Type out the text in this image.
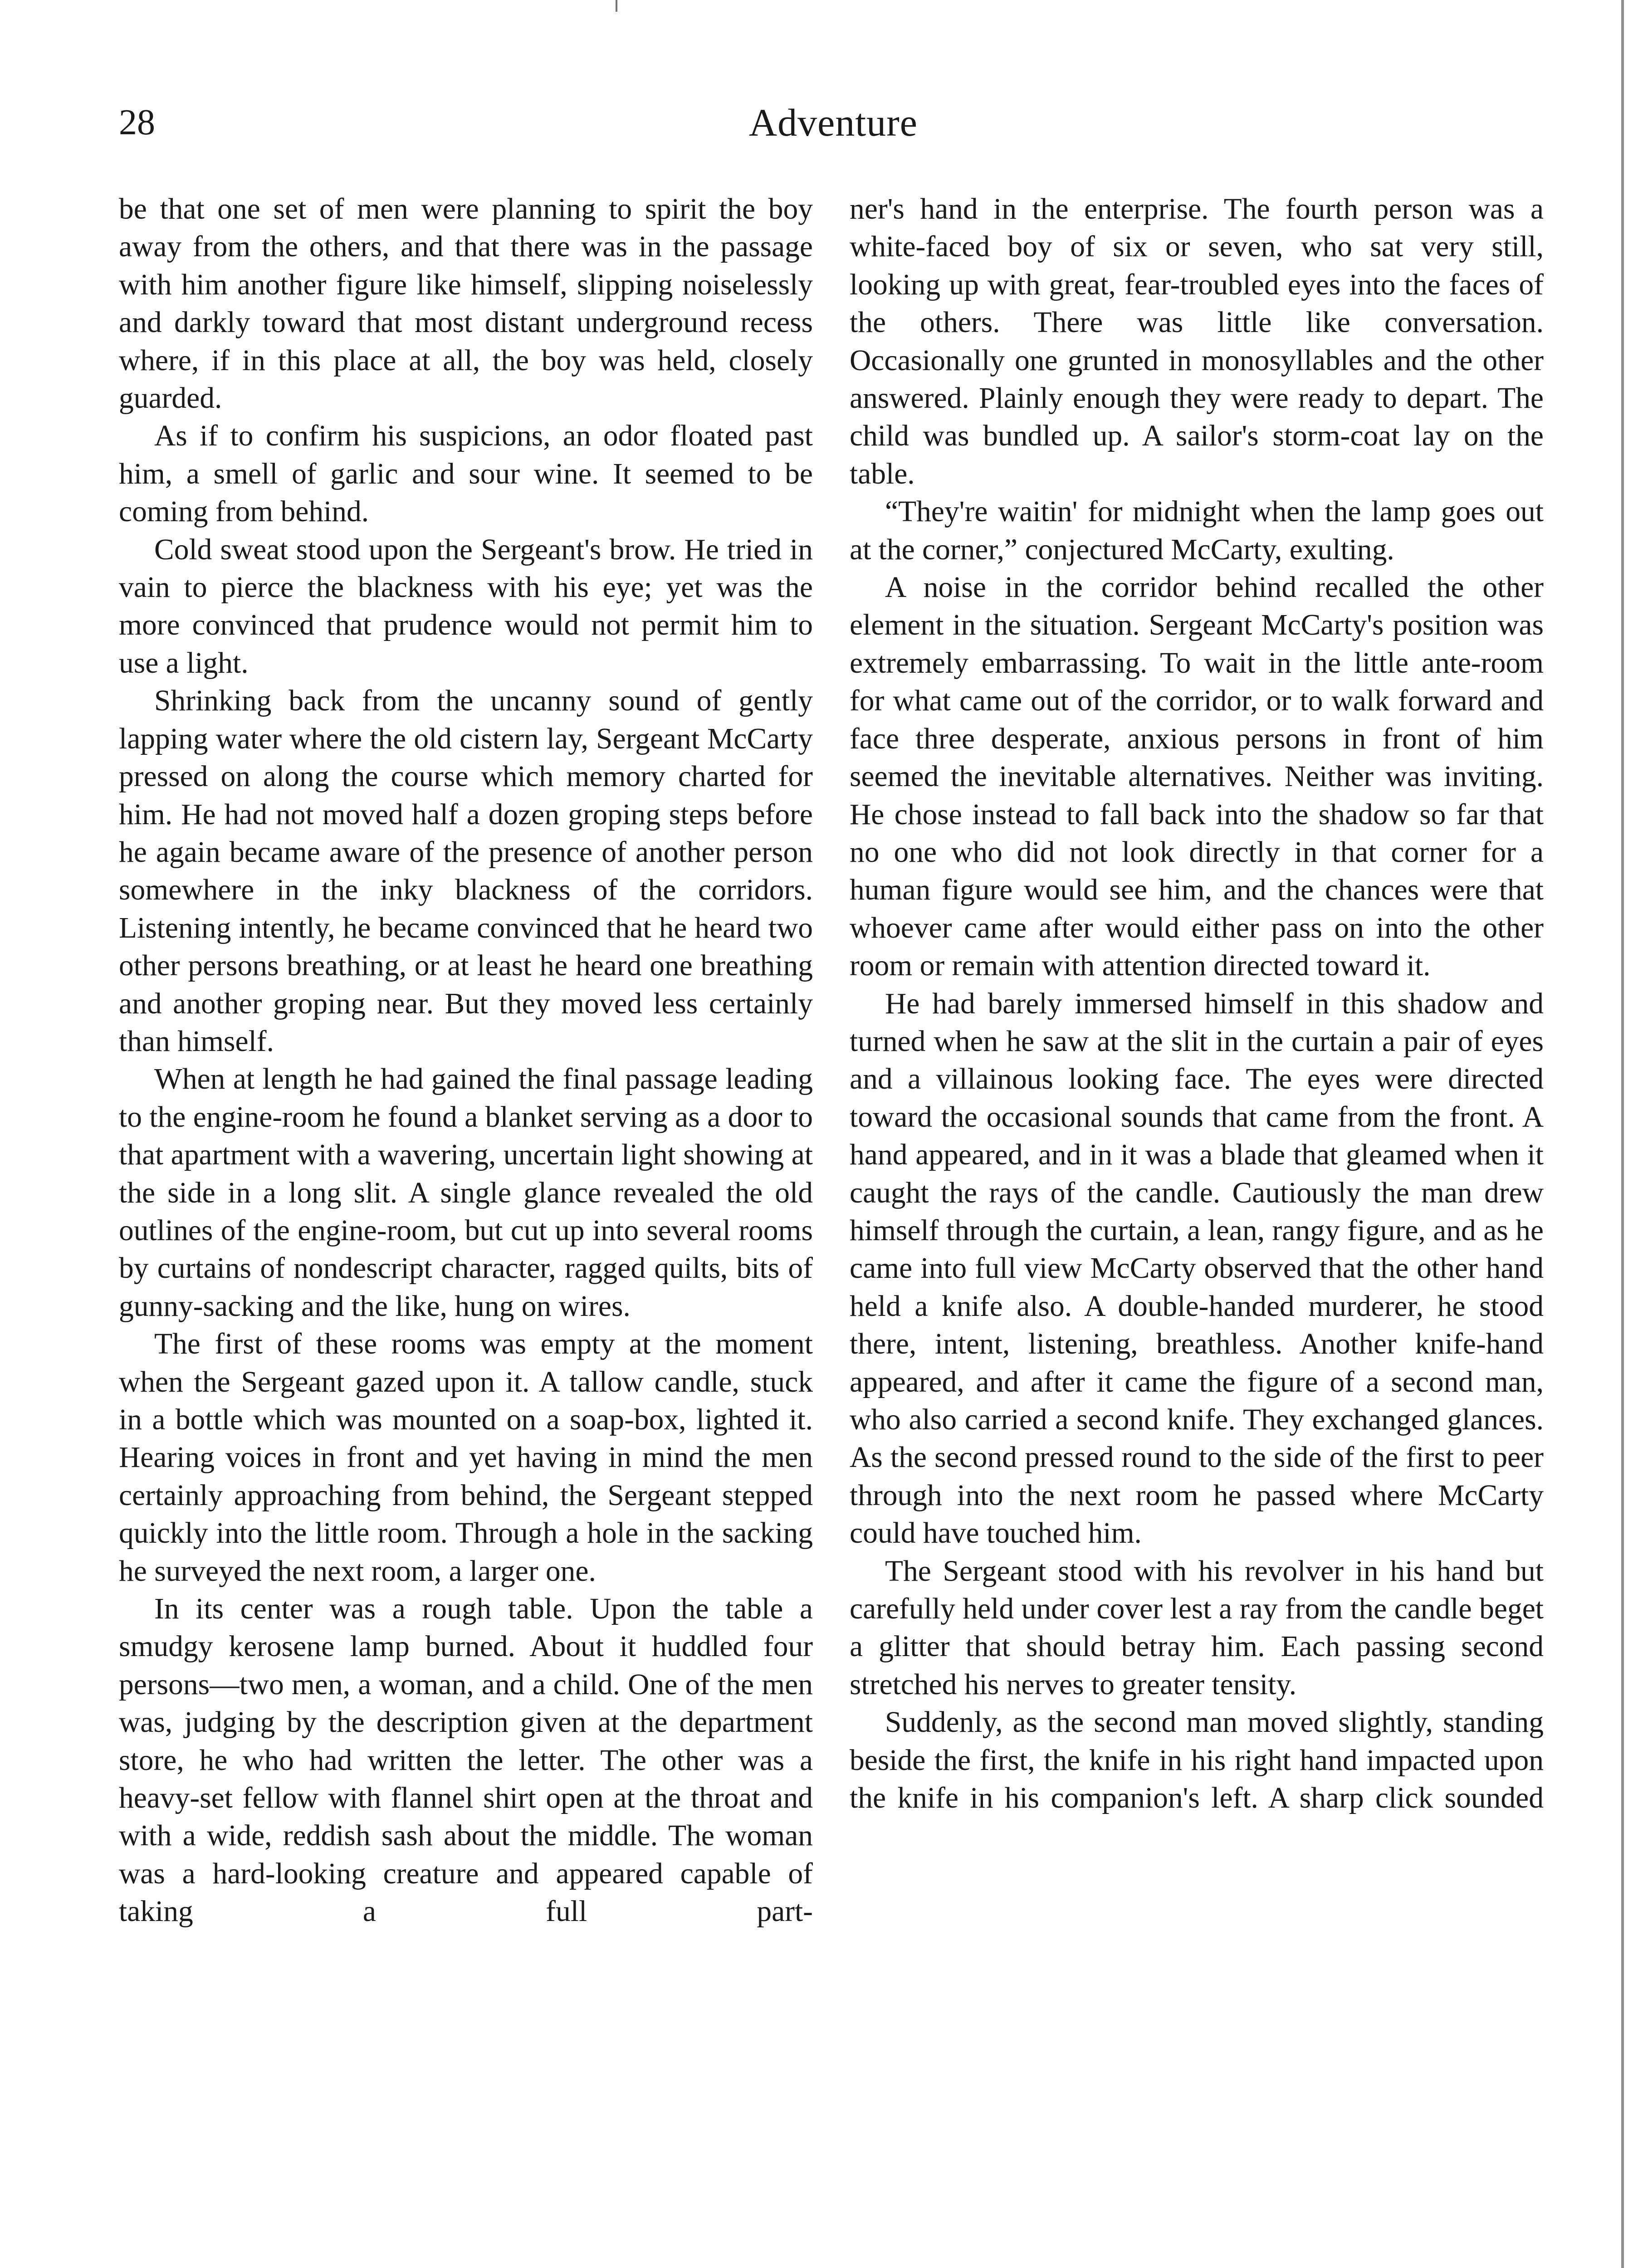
28	Adventure

be that one set of men were planning to spirit the boy away from the others, and that there was in the passage with him another figure like himself, slipping noiselessly and darkly toward that most distant underground recess where, if in this place at all, the boy was held, closely guarded.

As if to confirm his suspicions, an odor floated past him, a smell of garlic and sour wine. It seemed to be coming from behind.

Cold sweat stood upon the Sergeant's brow. He tried in vain to pierce the blackness with his eye; yet was the more convinced that prudence would not permit him to use a light.

Shrinking back from the uncanny sound of gently lapping water where the old cistern lay, Sergeant McCarty pressed on along the course which memory charted for him. He had not moved half a dozen groping steps before he again became aware of the presence of another person somewhere in the inky blackness of the corridors. Listening intently, he became convinced that he heard two other persons breathing, or at least he heard one breathing and another groping near. But they moved less certainly than himself.

When at length he had gained the final passage leading to the engine-room he found a blanket serving as a door to that apartment with a wavering, uncertain light showing at the side in a long slit. A single glance revealed the old outlines of the engine-room, but cut up into several rooms by curtains of nondescript character, ragged quilts, bits of gunny-sacking and the like, hung on wires.

The first of these rooms was empty at the moment when the Sergeant gazed upon it. A tallow candle, stuck in a bottle which was mounted on a soap-box, lighted it. Hearing voices in front and yet having in mind the men certainly approaching from behind, the Sergeant stepped quickly into the little room. Through a hole in the sacking he surveyed the next room, a larger one.

In its center was a rough table. Upon the table a smudgy kerosene lamp burned. About it huddled four persons—two men, a woman, and a child. One of the men was, judging by the description given at the department store, he who had written the letter. The other was a heavy-set fellow with flannel shirt open at the throat and with a wide, reddish sash about the middle. The woman was a hard-looking creature and appeared capable of taking a full part-

ner's hand in the enterprise. The fourth person was a white-faced boy of six or seven, who sat very still, looking up with great, fear-troubled eyes into the faces of the others. There was little like conversation. Occasionally one grunted in monosyllables and the other answered. Plainly enough they were ready to depart. The child was bundled up. A sailor's storm-coat lay on the table.

“They're waitin' for midnight when the lamp goes out at the corner,” conjectured McCarty, exulting.

A noise in the corridor behind recalled the other element in the situation. Sergeant McCarty's position was extremely embarrassing. To wait in the little ante-room for what came out of the corridor, or to walk forward and face three desperate, anxious persons in front of him seemed the inevitable alternatives. Neither was inviting. He chose instead to fall back into the shadow so far that no one who did not look directly in that corner for a human figure would see him, and the chances were that whoever came after would either pass on into the other room or remain with attention directed toward it.

He had barely immersed himself in this shadow and turned when he saw at the slit in the curtain a pair of eyes and a villainous looking face. The eyes were directed toward the occasional sounds that came from the front. A hand appeared, and in it was a blade that gleamed when it caught the rays of the candle. Cautiously the man drew himself through the curtain, a lean, rangy figure, and as he came into full view McCarty observed that the other hand held a knife also. A double-handed murderer, he stood there, intent, listening, breathless. Another knife-hand appeared, and after it came the figure of a second man, who also carried a second knife. They exchanged glances. As the second pressed round to the side of the first to peer through into the next room he passed where McCarty could have touched him.

The Sergeant stood with his revolver in his hand but carefully held under cover lest a ray from the candle beget a glitter that should betray him. Each passing second stretched his nerves to greater tensity.

Suddenly, as the second man moved slightly, standing beside the first, the knife in his right hand impacted upon the knife in his companion's left. A sharp click sounded
